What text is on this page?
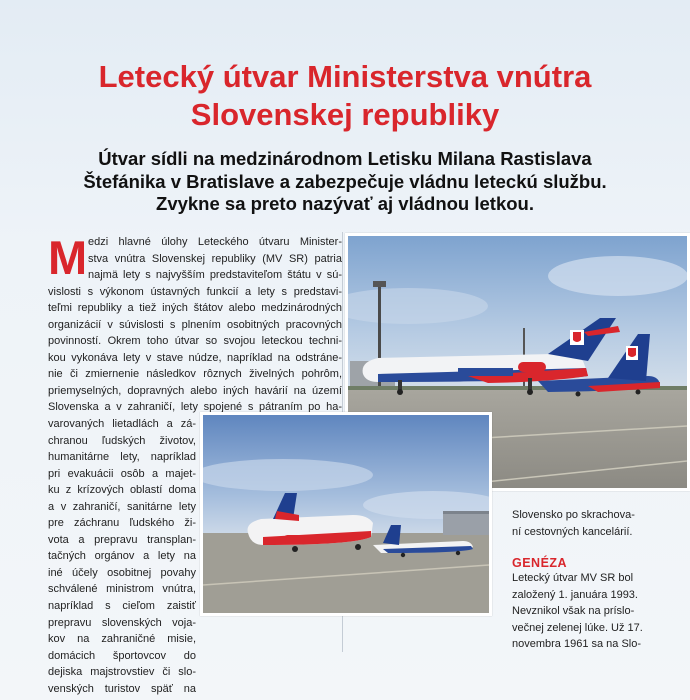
Letecký útvar Ministerstva vnútra
Slovenskej republiky
Útvar sídli na medzinárodnom Letisku Milana Rastislava
Štefánika v Bratislave a zabezpečuje vládnu leteckú službu.
Zvykne sa preto nazývať aj vládnou letkou.
M edzi hlavné úlohy Leteckého útvaru Minister-
stva vnútra Slovenskej republiky (MV SR) patria
najmä lety s najvyšším predstaviteľom štátu v sú-
vislosti s výkonom ústavných funkcií a lety s predstavi-
teľmi republiky a tiež iných štátov alebo medzinárodných
organizácií v súvislosti s plnením osobitných pracovných
povinností. Okrem toho útvar so svojou leteckou techni-
kou vykonáva lety v stave núdze, napríklad na odstráne-
nie či zmiernenie následkov rôznych živelných pohrôm,
priemyselných, dopravných alebo iných havárií na území
Slovenska a v zahraničí, lety spojené s pátraním po ha-
varovaných lietadlách a zá-
chranou ľudských životov,
humanitárne lety, napríklad
pri evakuácii osôb a majet-
ku z krízových oblastí doma
a v zahraničí, sanitárne lety
pre záchranu ľudského ži-
vota a prepravu transplan-
tačných orgánov a lety na
iné účely osobitnej povahy
schválené ministrom vnútra,
napríklad s cieľom zaistiť
prepravu slovenských voja-
kov na zahraničné misie,
domácich športovcov do
dejiska majstrovstiev či slo-
venských turistov späť na
Slovensko po skrachova-
ní cestovných kancelárií.
GENÉZA
Letecký útvar MV SR bol
založený 1. januára 1993.
Nevznikol však na príslo-
večnej zelenej lúke. Už 17.
novembra 1961 sa na Slo-
